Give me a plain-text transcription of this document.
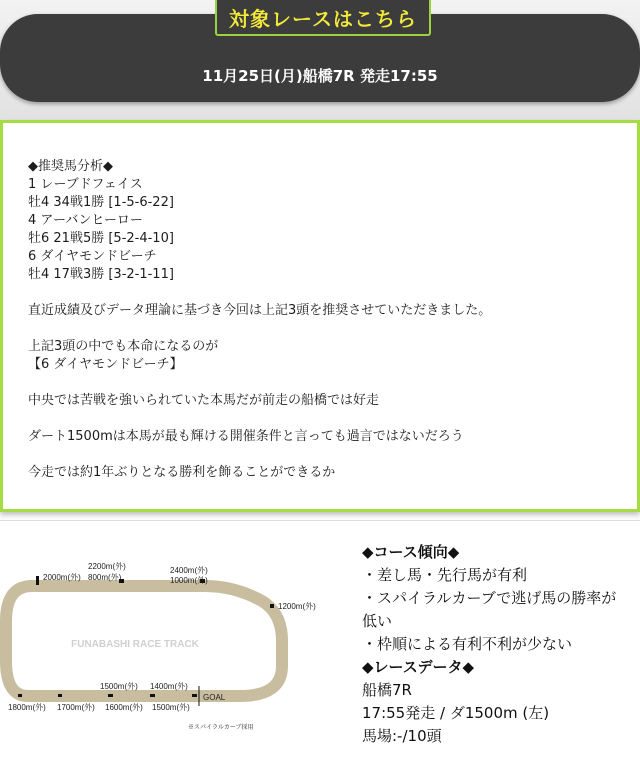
対象レースはこちら
11月25日(月)船橋7R 発走17:55

◆推奨馬分析◆

1 レーブドフェイス

牡4 34戦1勝 [1-5-6-22]

4 アーバンヒーロー

牡6 21戦5勝 [5-2-4-10]

6 ダイヤモンドビーチ

牡4 17戦3勝 [3-2-1-11]

直近成績及びデータ理論に基づき今回は上記3頭を推奨させていただきました。

上記3頭の中でも本命になるのが

【6 ダイヤモンドビーチ】

中央では苦戦を強いられていた本馬だが前走の船橋では好走

ダート1500mは本馬が最も輝ける開催条件と言っても過言ではないだろう

今走では約1年ぶりとなる勝利を飾ることができるか

FUNABASHI RACE TRACK
2200m(外)
2000m(外) 800m(外)
2400m(外)
1000m(外)
1200m(外)
1500m(外) 1400m(外)
1800m(外) 1700m(外) 1600m(外) 1500m(外)
GOAL
※スパイラルカーブ採用

◆コース傾向◆

・差し馬・先行馬が有利

・スパイラルカーブで逃げ馬の勝率が

低い

・枠順による有利不利が少ない

◆レースデータ◆

船橋7R

17:55発走 / ダ1500m (左)

馬場:-/10頭
